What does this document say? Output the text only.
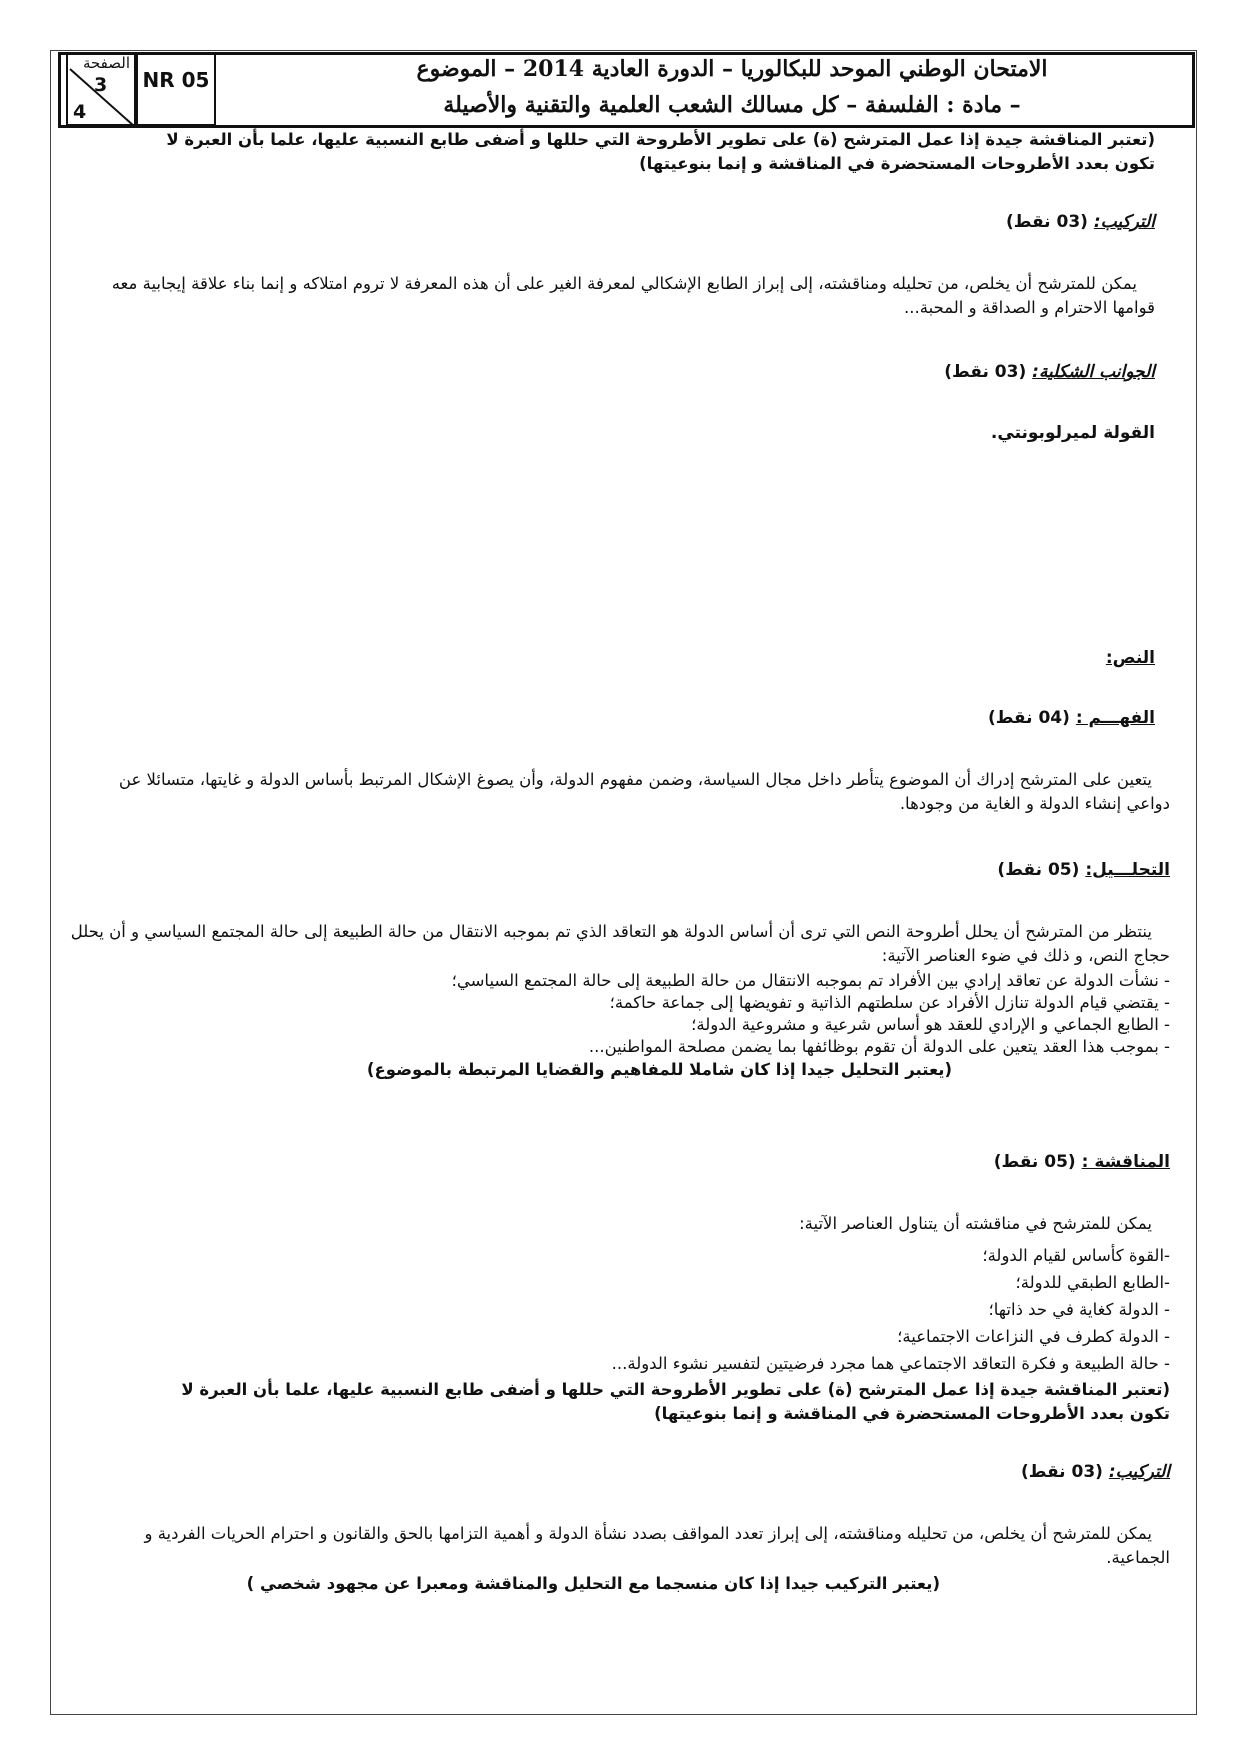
الصفحة
3
4
NR 05	الامتحان الوطني الموحد للبكالوريا – الدورة العادية 2014 – الموضوع
– مادة : الفلسفة – كل مسالك الشعب العلمية والتقنية والأصيلة
(تعتبر المناقشة جيدة إذا عمل المترشح (ة) على تطوير الأطروحة التي حللها و أضفى طابع النسبية عليها، علما بأن العبرة لا تكون بعدد الأطروحات المستحضرة في المناقشة و إنما بنوعيتها)
التركيب: (03 نقط)
يمكن للمترشح أن يخلص، من تحليله ومناقشته، إلى إبراز الطابع الإشكالي لمعرفة الغير على أن هذه المعرفة لا تروم امتلاكه و إنما بناء علاقة إيجابية معه قوامها الاحترام و الصداقة و المحبة...
الجوانب الشكلية: (03 نقط)
القولة لميرلوبونتي.
النص:
الفهـــم : (04 نقط)
يتعين على المترشح إدراك أن الموضوع يتأطر داخل مجال السياسة، وضمن مفهوم الدولة، وأن يصوغ الإشكال المرتبط بأساس الدولة و غايتها، متسائلا عن دواعي إنشاء الدولة و الغاية من وجودها.
التحلـــيل: (05 نقط)
ينتظر من المترشح أن يحلل أطروحة النص التي ترى أن أساس الدولة هو التعاقد الذي تم بموجبه الانتقال من حالة الطبيعة إلى حالة المجتمع السياسي و أن يحلل حجاج النص، و ذلك في ضوء العناصر الآتية:
- نشأت الدولة عن تعاقد إرادي بين الأفراد تم بموجبه الانتقال من حالة الطبيعة إلى حالة المجتمع السياسي؛
- يقتضي قيام الدولة تنازل الأفراد عن سلطتهم الذاتية و تفويضها إلى جماعة حاكمة؛
- الطابع الجماعي و الإرادي للعقد هو أساس شرعية و مشروعية الدولة؛
- بموجب هذا العقد يتعين على الدولة أن تقوم بوظائفها بما يضمن مصلحة المواطنين...
(يعتبر التحليل جيدا إذا كان شاملا للمفاهيم والقضايا المرتبطة بالموضوع)
المناقشة : (05 نقط)
يمكن للمترشح في مناقشته أن يتناول العناصر الآتية:
-القوة كأساس لقيام الدولة؛
-الطابع الطبقي للدولة؛
- الدولة كغاية في حد ذاتها؛
- الدولة كطرف في النزاعات الاجتماعية؛
- حالة الطبيعة و فكرة التعاقد الاجتماعي هما مجرد فرضيتين لتفسير نشوء الدولة...
(تعتبر المناقشة جيدة إذا عمل المترشح (ة) على تطوير الأطروحة التي حللها و أضفى طابع النسبية عليها، علما بأن العبرة لا تكون بعدد الأطروحات المستحضرة في المناقشة و إنما بنوعيتها)
التركيب: (03 نقط)
يمكن للمترشح أن يخلص، من تحليله ومناقشته، إلى إبراز تعدد المواقف بصدد نشأة الدولة و أهمية التزامها بالحق والقانون و احترام الحريات الفردية و الجماعية.
(يعتبر التركيب جيدا إذا كان منسجما مع التحليل والمناقشة ومعبرا عن مجهود شخصي )
